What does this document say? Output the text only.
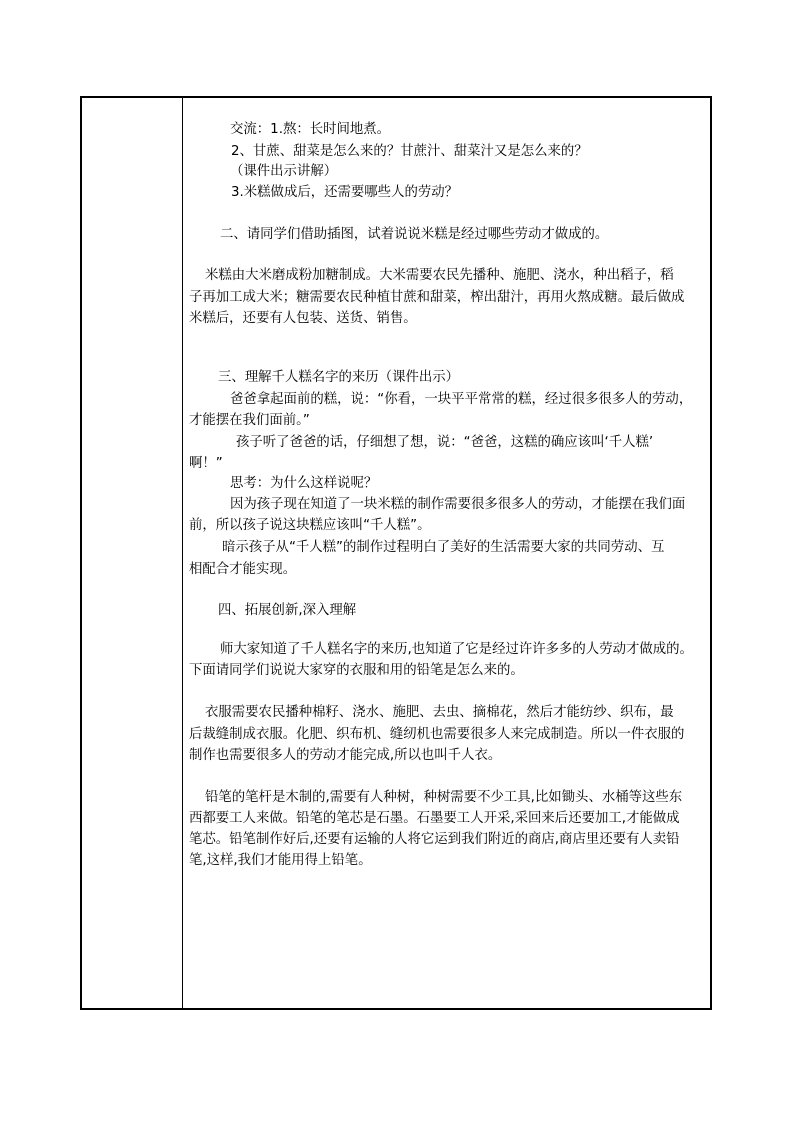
交流：1.熬：长时间地煮。
2、甘蔗、甜菜是怎么来的？甘蔗汁、甜菜汁又是怎么来的？
（课件出示讲解）
3.米糕做成后，还需要哪些人的劳动？
二、请同学们借助插图，试着说说米糕是经过哪些劳动才做成的。
米糕由大米磨成粉加糖制成。大米需要农民先播种、施肥、浇水，种出稻子，稻
子再加工成大米；糖需要农民种植甘蔗和甜菜，榨出甜汁，再用火熬成糖。最后做成
米糕后，还要有人包装、送货、销售。
三、理解千人糕名字的来历（课件出示）
爸爸拿起面前的糕，说：“你看，一块平平常常的糕，经过很多很多人的劳动，
才能摆在我们面前。”
孩子听了爸爸的话，仔细想了想，说：“爸爸，这糕的确应该叫‘千人糕’
啊！”
思考：为什么这样说呢？
因为孩子现在知道了一块米糕的制作需要很多很多人的劳动，才能摆在我们面
前，所以孩子说这块糕应该叫“千人糕”。
暗示孩子从“千人糕”的制作过程明白了美好的生活需要大家的共同劳动、互
相配合才能实现。
四、拓展创新,深入理解
师大家知道了千人糕名字的来历,也知道了它是经过许许多多的人劳动才做成的。
下面请同学们说说大家穿的衣服和用的铅笔是怎么来的。
衣服需要农民播种棉籽、浇水、施肥、去虫、摘棉花，然后才能纺纱、织布，最
后裁缝制成衣服。化肥、织布机、缝纫机也需要很多人来完成制造。所以一件衣服的
制作也需要很多人的劳动才能完成,所以也叫千人衣。
铅笔的笔杆是木制的,需要有人种树，种树需要不少工具,比如锄头、水桶等这些东
西都要工人来做。铅笔的笔芯是石墨。石墨要工人开采,采回来后还要加工,才能做成
笔芯。铅笔制作好后,还要有运输的人将它运到我们附近的商店,商店里还要有人卖铅
笔,这样,我们才能用得上铅笔。
